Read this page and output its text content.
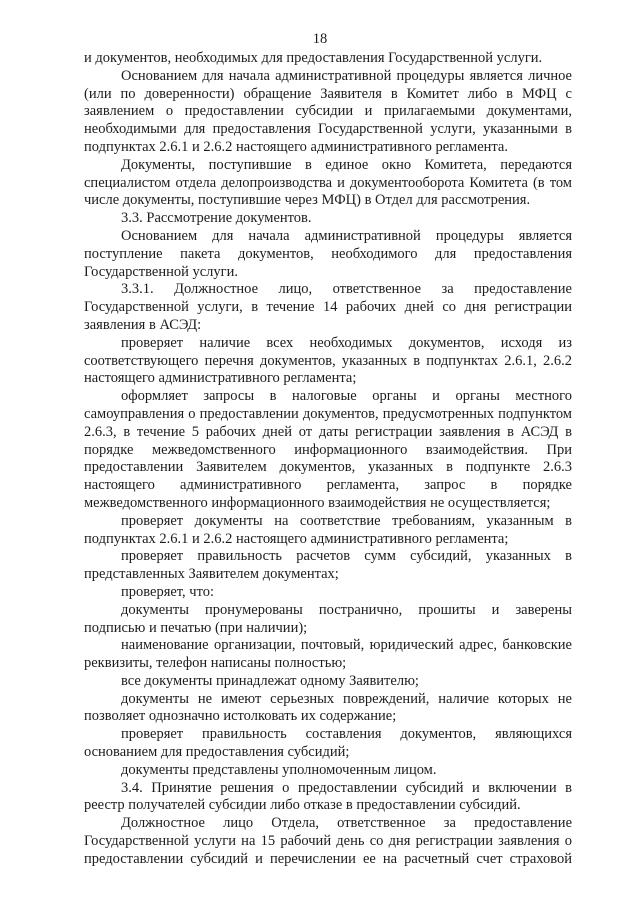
18

и документов, необходимых для предоставления Государственной услуги.

Основанием для начала административной процедуры является личное (или по доверенности) обращение Заявителя в Комитет либо в МФЦ с заявлением о предоставлении субсидии и прилагаемыми документами, необходимыми для предоставления Государственной услуги, указанными в подпунктах 2.6.1 и 2.6.2 настоящего административного регламента.

Документы, поступившие в единое окно Комитета, передаются специалистом отдела делопроизводства и документооборота Комитета (в том числе документы, поступившие через МФЦ) в Отдел для рассмотрения.

3.3. Рассмотрение документов.

Основанием для начала административной процедуры является поступление пакета документов, необходимого для предоставления Государственной услуги.

3.3.1. Должностное лицо, ответственное за предоставление Государственной услуги, в течение 14 рабочих дней со дня регистрации заявления в АСЭД:

проверяет наличие всех необходимых документов, исходя из соответствующего перечня документов, указанных в подпунктах 2.6.1, 2.6.2 настоящего административного регламента;

оформляет запросы в налоговые органы и органы местного самоуправления о предоставлении документов, предусмотренных подпунктом 2.6.3, в течение 5 рабочих дней от даты регистрации заявления в АСЭД в порядке межведомственного информационного взаимодействия. При предоставлении Заявителем документов, указанных в подпункте 2.6.3 настоящего административного регламента, запрос в порядке межведомственного информационного взаимодействия не осуществляется;

проверяет документы на соответствие требованиям, указанным в подпунктах 2.6.1 и 2.6.2 настоящего административного регламента;

проверяет правильность расчетов сумм субсидий, указанных в представленных Заявителем документах;

проверяет, что:

документы пронумерованы постранично, прошиты и заверены подписью и печатью (при наличии);

наименование организации, почтовый, юридический адрес, банковские реквизиты, телефон написаны полностью;

все документы принадлежат одному Заявителю;

документы не имеют серьезных повреждений, наличие которых не позволяет однозначно истолковать их содержание;

проверяет правильность составления документов, являющихся основанием для предоставления субсидий;

документы представлены уполномоченным лицом.

3.4. Принятие решения о предоставлении субсидий и включении в реестр получателей субсидии либо отказе в предоставлении субсидий.

Должностное лицо Отдела, ответственное за предоставление Государственной услуги на 15 рабочий день со дня регистрации заявления о предоставлении субсидий и перечислении ее на расчетный счет страховой
